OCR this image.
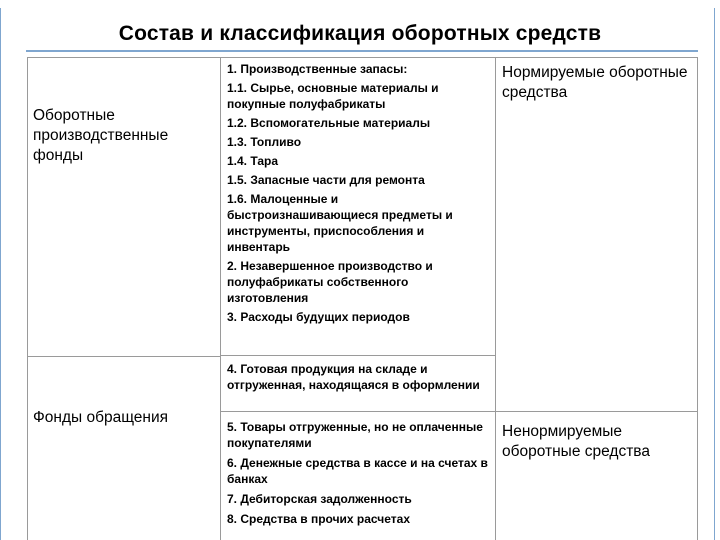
Состав и классификация оборотных средств
Оборотные производственные фонды
Фонды обращения

1. Производственные запасы:

1.1. Сырье, основные материалы и покупные полуфабрикаты

1.2. Вспомогательные материалы

1.3. Топливо

1.4. Тара

1.5. Запасные части для ремонта

1.6. Малоценные и быстроизнашивающиеся предметы и инструменты, приспособления и инвентарь

2. Незавершенное производство и полуфабрикаты собственного изготовления

3. Расходы будущих периодов

4. Готовая продукция на складе и отгруженная, находящаяся в оформлении

5. Товары отгруженные, но не оплаченные покупателями

6. Денежные средства в кассе и на счетах в банках

7. Дебиторская задолженность

8. Средства в прочих расчетах

Нормируемые оборотные средства
Ненормируемые оборотные средства
